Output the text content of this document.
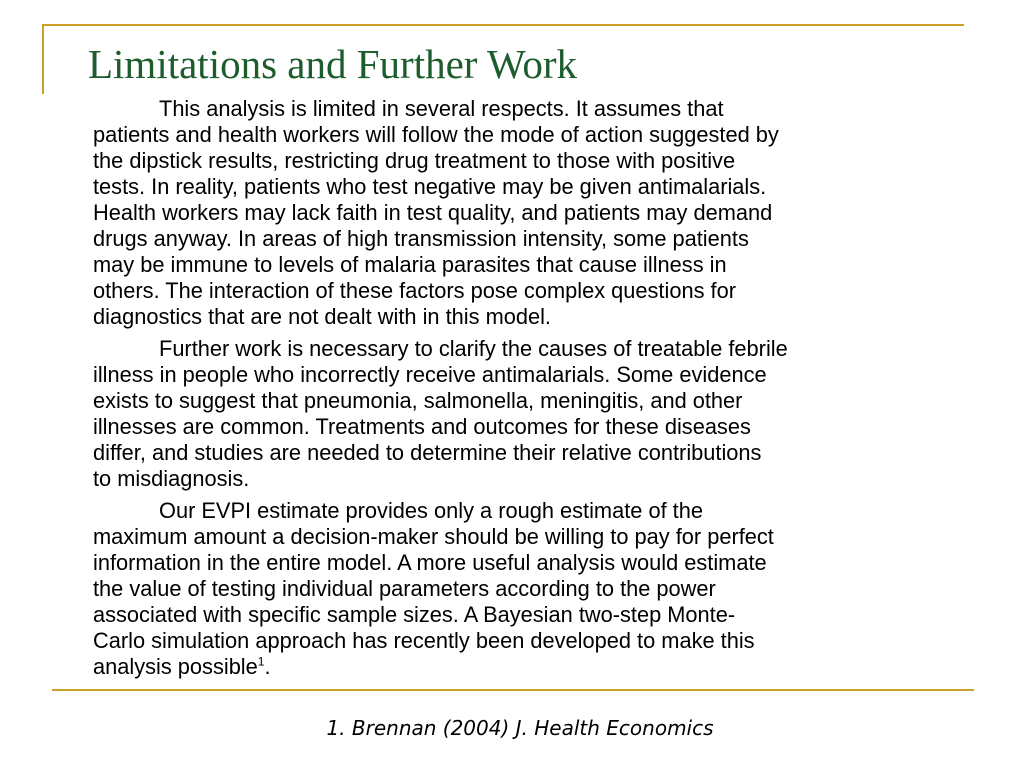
Limitations and Further Work

This analysis is limited in several respects. It assumes that
patients and health workers will follow the mode of action suggested by
the dipstick results, restricting drug treatment to those with positive
tests. In reality, patients who test negative may be given antimalarials.
Health workers may lack faith in test quality, and patients may demand
drugs anyway. In areas of high transmission intensity, some patients
may be immune to levels of malaria parasites that cause illness in
others. The interaction of these factors pose complex questions for
diagnostics that are not dealt with in this model.

Further work is necessary to clarify the causes of treatable febrile
illness in people who incorrectly receive antimalarials. Some evidence
exists to suggest that pneumonia, salmonella, meningitis, and other
illnesses are common. Treatments and outcomes for these diseases
differ, and studies are needed to determine their relative contributions
to misdiagnosis.

Our EVPI estimate provides only a rough estimate of the
maximum amount a decision-maker should be willing to pay for perfect
information in the entire model. A more useful analysis would estimate
the value of testing individual parameters according to the power
associated with specific sample sizes. A Bayesian two-step Monte-
Carlo simulation approach has recently been developed to make this
analysis possible$^1$.

1. Brennan (2004) J. Health Economics
